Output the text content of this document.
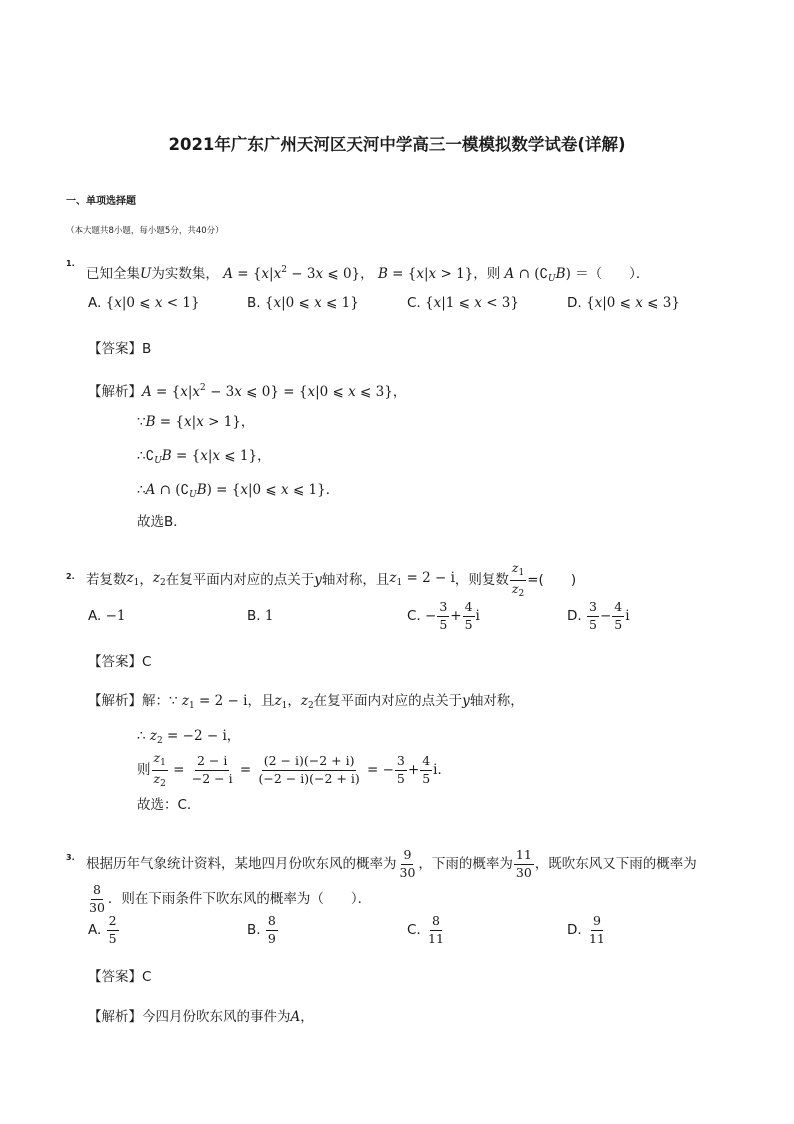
2021年广东广州天河区天河中学高三一模模拟数学试卷(详解)
一、单项选择题
（本大题共8小题，每小题5分，共40分）
1.
已知全集U为实数集， $A = \{x|x^2 - 3x$ ⩽ 0}， B = {x|x > 1}，则 A ∩ $(∁_UB)$ ＝（　　）．
A. {x|0 ⩽ x < 1}	B. {x|0 ⩽ x ⩽ 1}	C. {x|1 ⩽ x < 3}	D. {x|0 ⩽ x ⩽ 3}
【答案】B
【解析】$A = \{x|x^2 - 3x$ ⩽ 0} = {x|0 ⩽ x ⩽ 3}，
∵B = {x|x > 1}，
$\therefore∁_UB = \{x|x$ ⩽ 1}，
∴A ∩ $(∁_UB) = \{x|0$ ⩽ x ⩽ 1}．
故选B．
2. 若复数 $z_1$ ， $z_2$ 在复平面内对应的点关于 y 轴对称，且 $z_1 = 2 - i$ ，则复数 $\frac{z_1}{z_2}$ =(　　)
A. −1	B. 1	C.
− $\frac{3}{5} + \frac{4}{5}$ i	D.
$\frac{3}{5} - \frac{4}{5}$ i
【答案】C
【解析】解：∵ $z_1 = 2 - i$，且$z_1$，$z_2$在复平面内对应的点关于y轴对称，
∴ $z_2 = -2 - i$，
则 $\frac{z_1}{z_2} = \frac{2 - i}{-2 - i} = \frac{(2 - i)(-2 + i)}{(-2 - i)(-2 + i)}$ = − $\frac{3}{5} + \frac{4}{5}$ i ．
故选：C．
3. 根据历年气象统计资料，某地四月份吹东风的概率为 $\frac{9}{30}$ ，下雨的概率为 $\frac{11}{30}$ ，既吹东风又下雨的概率为
$\frac{8}{30}$ ．则在下雨条件下吹东风的概率为（　　）．
A.
$\frac{2}{5}$	B.
$\frac{8}{9}$	C.
$\frac{8}{11}$	D.
$\frac{9}{11}$
【答案】C
【解析】今四月份吹东风的事件为A，
